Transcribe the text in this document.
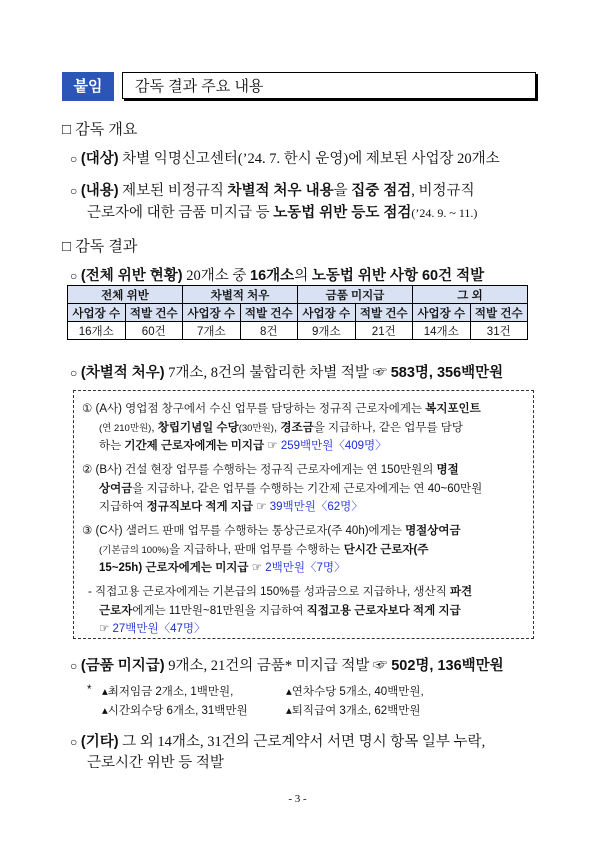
붙임	감독 결과 주요 내용
□ 감독 개요
○ (대상) 차별 익명신고센터(’24. 7. 한시 운영)에 제보된 사업장 20개소
○ (내용) 제보된 비정규직 차별적 처우 내용을 집중 점검, 비정규직
근로자에 대한 금품 미지급 등 노동법 위반 등도 점검(’24. 9. ~ 11.)
□ 감독 결과
○ (전체 위반 현황) 20개소 중 16개소의 노동법 위반 사항 60건 적발
전체 위반		차별적 처우		금품 미지급		그 외	
사업장 수	적발 건수	사업장 수	적발 건수	사업장 수	적발 건수	사업장 수	적발 건수
16개소	60건	7개소	8건	9개소	21건	14개소	31건
○ (차별적 처우) 7개소, 8건의 불합리한 차별 적발 ☞ 583명, 356백만원
① (A사) 영업점 창구에서 수신 업무를 담당하는 정규직 근로자에게는 복지포인트
(연 210만원), 창립기념일 수당(30만원), 경조금을 지급하나, 같은 업무를 담당
하는 기간제 근로자에게는 미지급 ☞ 259백만원〈409명〉
② (B사) 건설 현장 업무를 수행하는 정규직 근로자에게는 연 150만원의 명절
상여금을 지급하나, 같은 업무를 수행하는 기간제 근로자에게는 연 40~60만원
지급하여 정규직보다 적게 지급 ☞ 39백만원〈62명〉
③ (C사) 샐러드 판매 업무를 수행하는 통상근로자(주 40h)에게는 명절상여금
(기본급의 100%)을 지급하나, 판매 업무를 수행하는 단시간 근로자(주
15~25h) 근로자에게는 미지급 ☞ 2백만원〈7명〉
- 직접고용 근로자에게는 기본급의 150%를 성과금으로 지급하나, 생산직 파견
근로자에게는 11만원~81만원을 지급하여 직접고용 근로자보다 적게 지급
☞ 27백만원〈47명〉
○ (금품 미지급) 9개소, 21건의 금품* 미지급 적발 ☞ 502명, 136백만원
* ▴최저임금 2개소, 1백만원,	▴연차수당 5개소, 40백만원,
▴시간외수당 6개소, 31백만원	▴퇴직급여 3개소, 62백만원
○ (기타) 그 외 14개소, 31건의 근로계약서 서면 명시 항목 일부 누락,
근로시간 위반 등 적발
- 3 -
